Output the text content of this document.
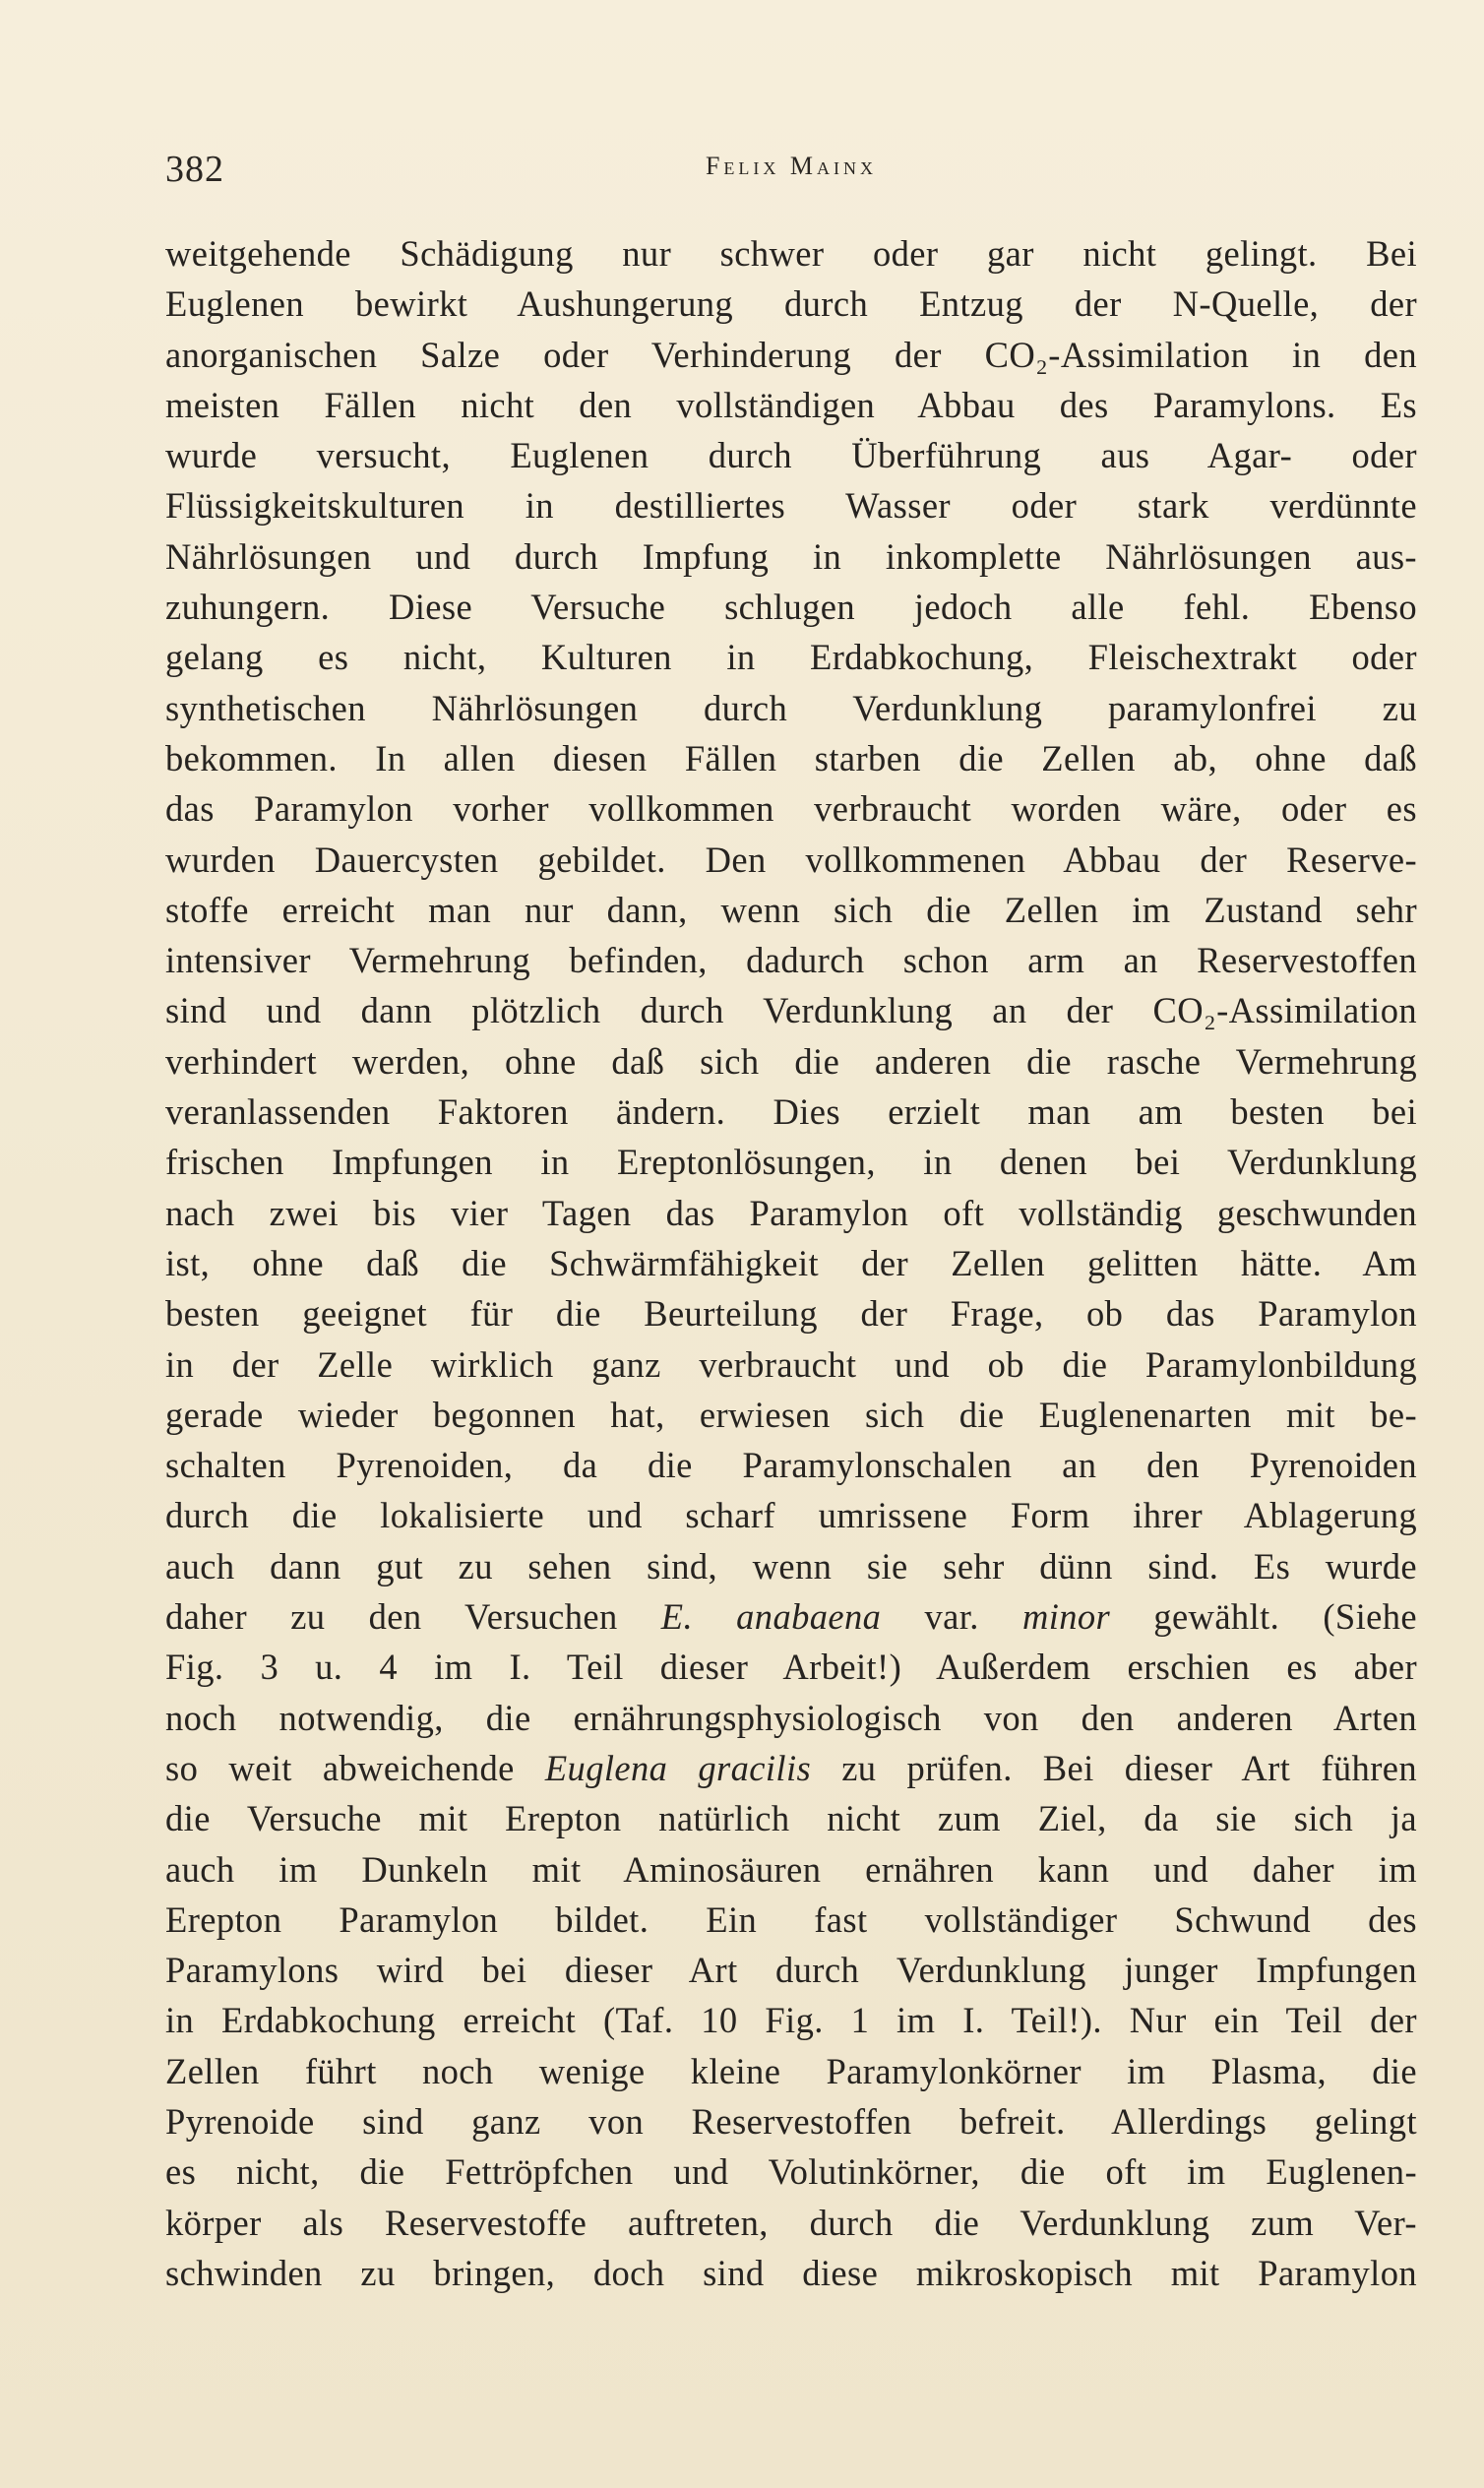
382	Felix Mainx
weitgehende Schädigung nur schwer oder gar nicht gelingt. Bei
Euglenen bewirkt Aushungerung durch Entzug der N-Quelle, der
anorganischen Salze oder Verhinderung der CO₂-Assimilation in den
meisten Fällen nicht den vollständigen Abbau des Paramylons. Es
wurde versucht, Euglenen durch Überführung aus Agar- oder
Flüssigkeitskulturen in destilliertes Wasser oder stark verdünnte
Nährlösungen und durch Impfung in inkomplette Nährlösungen aus-
zuhungern. Diese Versuche schlugen jedoch alle fehl. Ebenso
gelang es nicht, Kulturen in Erdabkochung, Fleischextrakt oder
synthetischen Nährlösungen durch Verdunklung paramylonfrei zu
bekommen. In allen diesen Fällen starben die Zellen ab, ohne daß
das Paramylon vorher vollkommen verbraucht worden wäre, oder es
wurden Dauercysten gebildet. Den vollkommenen Abbau der Reserve-
stoffe erreicht man nur dann, wenn sich die Zellen im Zustand sehr
intensiver Vermehrung befinden, dadurch schon arm an Reservestoffen
sind und dann plötzlich durch Verdunklung an der CO₂-Assimilation
verhindert werden, ohne daß sich die anderen die rasche Vermehrung
veranlassenden Faktoren ändern. Dies erzielt man am besten bei
frischen Impfungen in Ereptonlösungen, in denen bei Verdunklung
nach zwei bis vier Tagen das Paramylon oft vollständig geschwunden
ist, ohne daß die Schwärmfähigkeit der Zellen gelitten hätte. Am
besten geeignet für die Beurteilung der Frage, ob das Paramylon
in der Zelle wirklich ganz verbraucht und ob die Paramylonbildung
gerade wieder begonnen hat, erwiesen sich die Euglenenarten mit be-
schalten Pyrenoiden, da die Paramylonschalen an den Pyrenoiden
durch die lokalisierte und scharf umrissene Form ihrer Ablagerung
auch dann gut zu sehen sind, wenn sie sehr dünn sind. Es wurde
daher zu den Versuchen E. anabaena var. minor gewählt. (Siehe
Fig. 3 u. 4 im I. Teil dieser Arbeit!) Außerdem erschien es aber
noch notwendig, die ernährungsphysiologisch von den anderen Arten
so weit abweichende Euglena gracilis zu prüfen. Bei dieser Art führen
die Versuche mit Erepton natürlich nicht zum Ziel, da sie sich ja
auch im Dunkeln mit Aminosäuren ernähren kann und daher im
Erepton Paramylon bildet. Ein fast vollständiger Schwund des
Paramylons wird bei dieser Art durch Verdunklung junger Impfungen
in Erdabkochung erreicht (Taf. 10 Fig. 1 im I. Teil!). Nur ein Teil der
Zellen führt noch wenige kleine Paramylonkörner im Plasma, die
Pyrenoide sind ganz von Reservestoffen befreit. Allerdings gelingt
es nicht, die Fettröpfchen und Volutinkörner, die oft im Euglenen-
körper als Reservestoffe auftreten, durch die Verdunklung zum Ver-
schwinden zu bringen, doch sind diese mikroskopisch mit Paramylon
